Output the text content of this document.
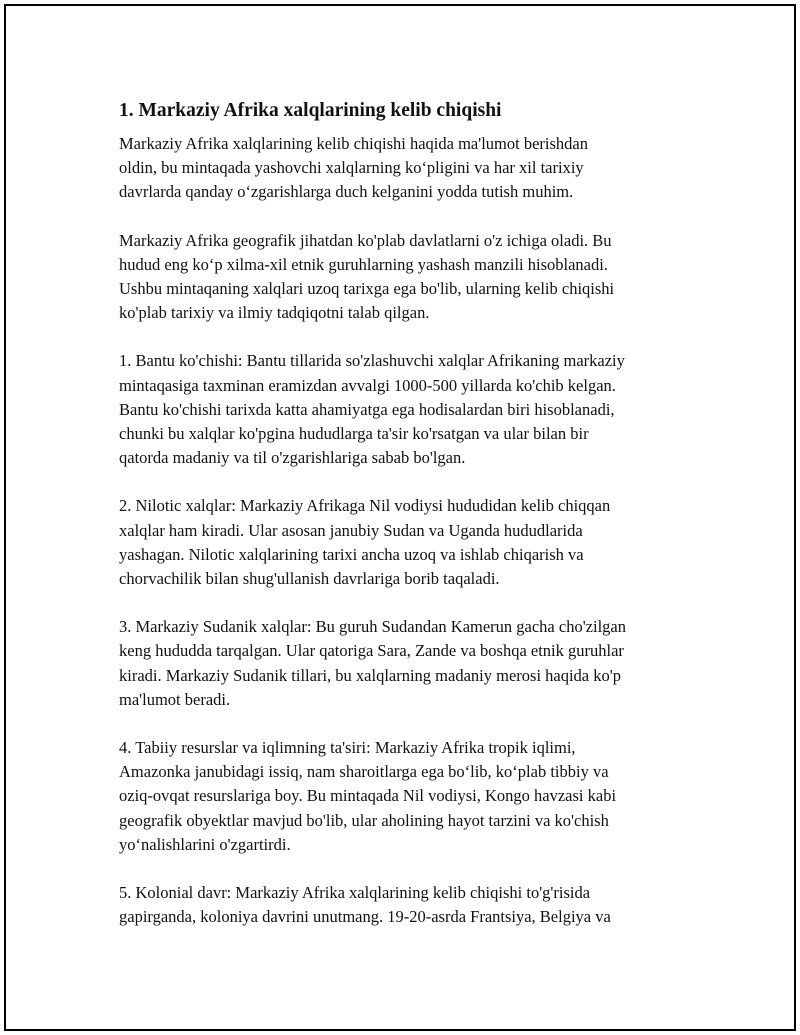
1. Markaziy Afrika xalqlarining kelib chiqishi

Markaziy Afrika xalqlarining kelib chiqishi haqida ma'lumot berishdan
oldin, bu mintaqada yashovchi xalqlarning ko‘pligini va har xil tarixiy
davrlarda qanday o‘zgarishlarga duch kelganini yodda tutish muhim.

Markaziy Afrika geografik jihatdan ko'plab davlatlarni o'z ichiga oladi. Bu
hudud eng ko‘p xilma-xil etnik guruhlarning yashash manzili hisoblanadi.
Ushbu mintaqaning xalqlari uzoq tarixga ega bo'lib, ularning kelib chiqishi
ko'plab tarixiy va ilmiy tadqiqotni talab qilgan.

1. Bantu ko'chishi: Bantu tillarida so'zlashuvchi xalqlar Afrikaning markaziy
mintaqasiga taxminan eramizdan avvalgi 1000-500 yillarda ko'chib kelgan.
Bantu ko'chishi tarixda katta ahamiyatga ega hodisalardan biri hisoblanadi,
chunki bu xalqlar ko'pgina hududlarga ta'sir ko'rsatgan va ular bilan bir
qatorda madaniy va til o'zgarishlariga sabab bo'lgan.

2. Nilotic xalqlar: Markaziy Afrikaga Nil vodiysi hududidan kelib chiqqan
xalqlar ham kiradi. Ular asosan janubiy Sudan va Uganda hududlarida
yashagan. Nilotic xalqlarining tarixi ancha uzoq va ishlab chiqarish va
chorvachilik bilan shug'ullanish davrlariga borib taqaladi.

3. Markaziy Sudanik xalqlar: Bu guruh Sudandan Kamerun gacha cho'zilgan
keng hududda tarqalgan. Ular qatoriga Sara, Zande va boshqa etnik guruhlar
kiradi. Markaziy Sudanik tillari, bu xalqlarning madaniy merosi haqida ko'p
ma'lumot beradi.

4. Tabiiy resurslar va iqlimning ta'siri: Markaziy Afrika tropik iqlimi,
Amazonka janubidagi issiq, nam sharoitlarga ega bo‘lib, ko‘plab tibbiy va
oziq-ovqat resurslariga boy. Bu mintaqada Nil vodiysi, Kongo havzasi kabi
geografik obyektlar mavjud bo'lib, ular aholining hayot tarzini va ko'chish
yo‘nalishlarini o'zgartirdi.

5. Kolonial davr: Markaziy Afrika xalqlarining kelib chiqishi to'g'risida
gapirganda, koloniya davrini unutmang. 19-20-asrda Frantsiya, Belgiya va
